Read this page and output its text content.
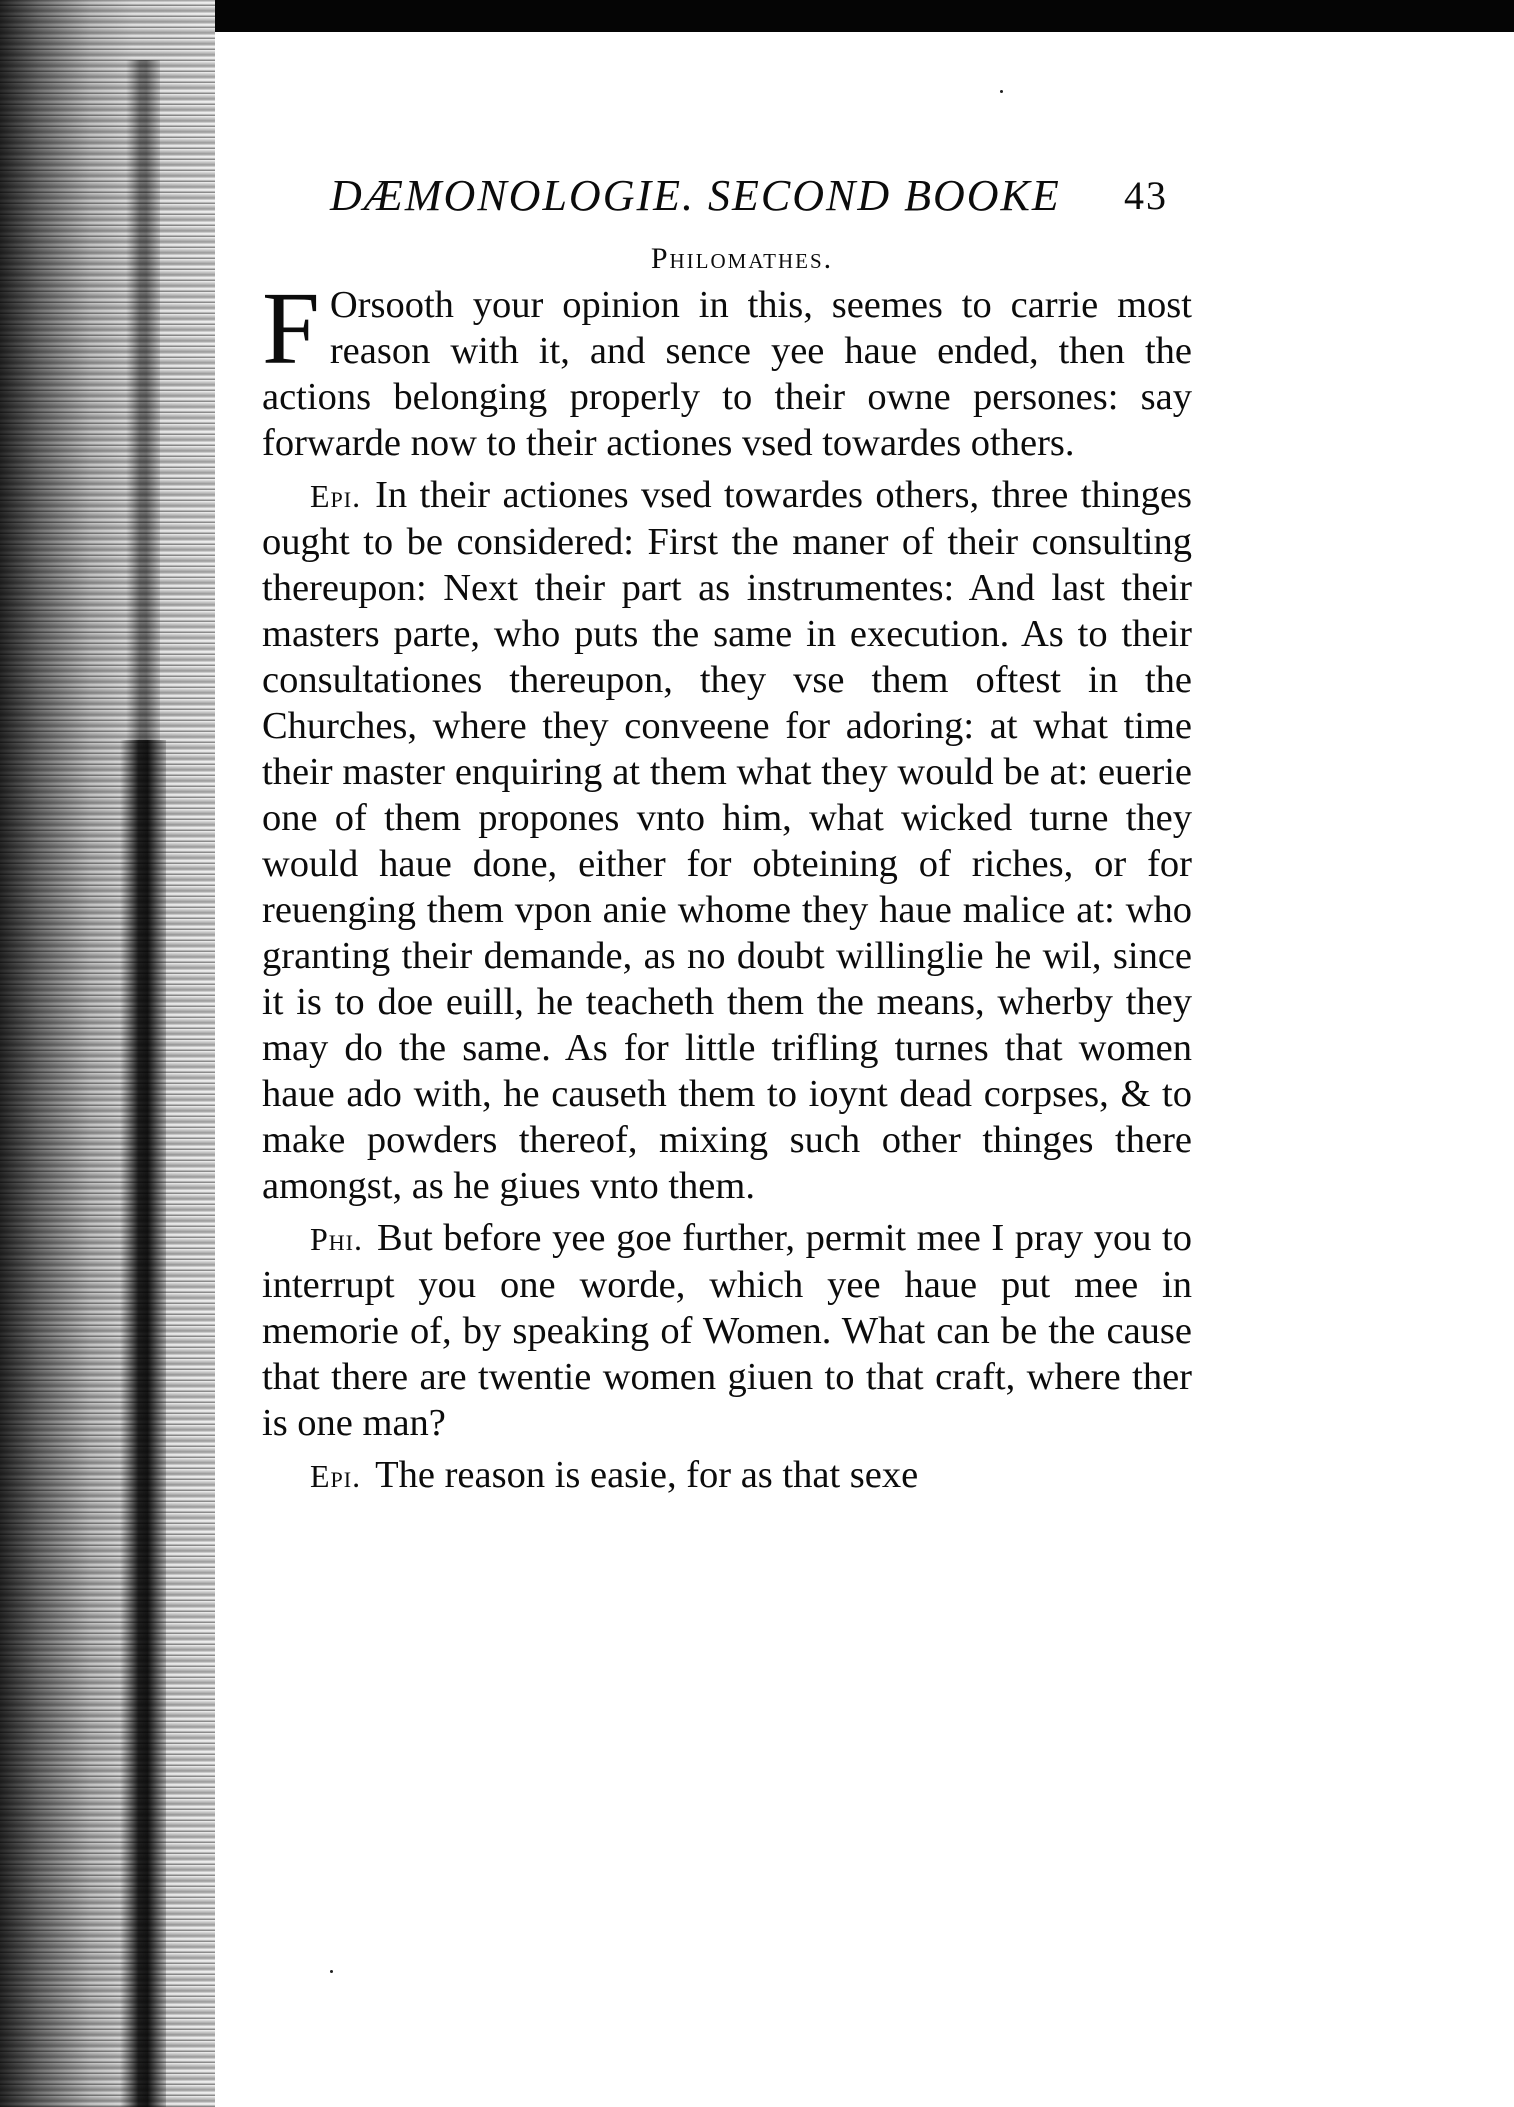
DÆMONOLOGIE. SECOND BOOKE 43
Philomathes.

FOrsooth your opinion in this, seemes to carrie most reason with it, and sence yee haue ended, then the actions belonging properly to their owne persones: say forwarde now to their actiones vsed towardes others.

Epi. In their actiones vsed towardes others, three thinges ought to be considered: First the maner of their consulting thereupon: Next their part as instrumentes: And last their masters parte, who puts the same in execution. As to their consultationes thereupon, they vse them oftest in the Churches, where they conveene for adoring: at what time their master enquiring at them what they would be at: euerie one of them propones vnto him, what wicked turne they would haue done, either for obteining of riches, or for reuenging them vpon anie whome they haue malice at: who granting their demande, as no doubt willinglie he wil, since it is to doe euill, he teacheth them the means, wherby they may do the same. As for little trifling turnes that women haue ado with, he causeth them to ioynt dead corpses, & to make powders thereof, mixing such other thinges there amongst, as he giues vnto them.

Phi. But before yee goe further, permit mee I pray you to interrupt you one worde, which yee haue put mee in memorie of, by speaking of Women. What can be the cause that there are twentie women giuen to that craft, where ther is one man?

Epi. The reason is easie, for as that sexe
